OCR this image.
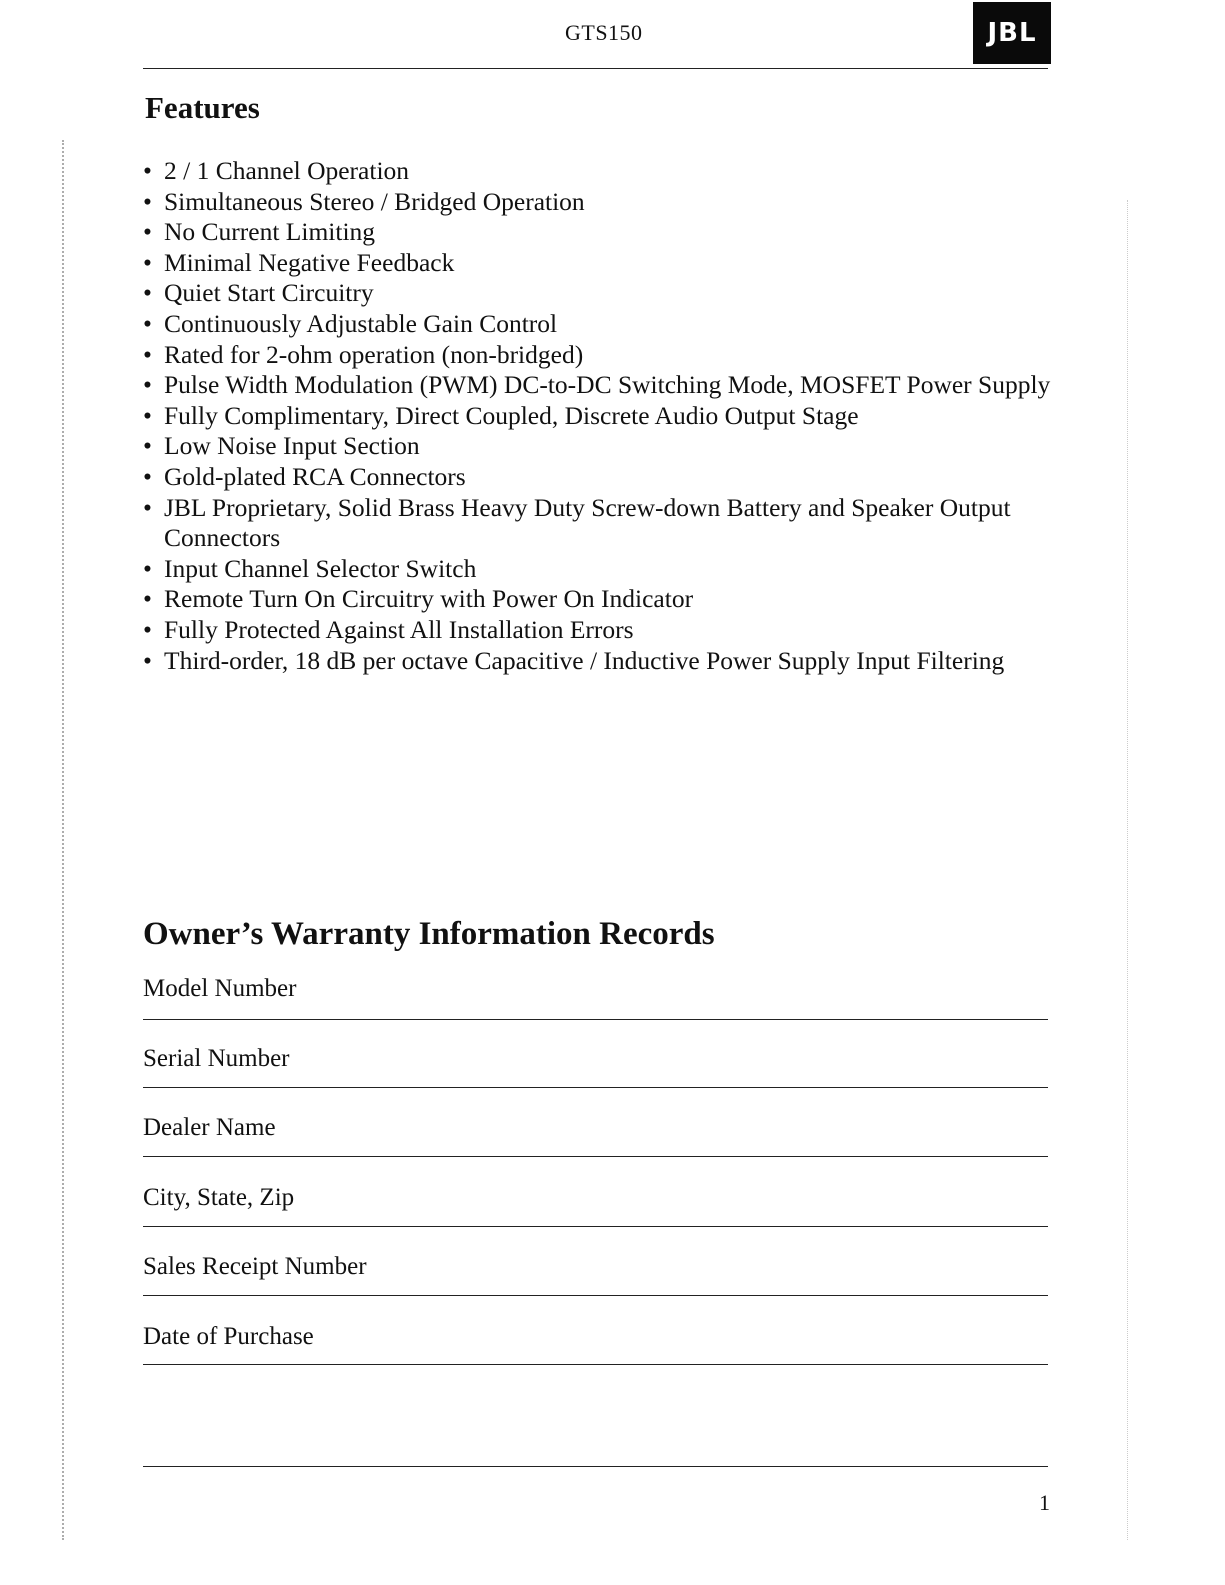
GTS150	JBL
Features
• 2 / 1 Channel Operation
• Simultaneous Stereo / Bridged Operation
• No Current Limiting
• Minimal Negative Feedback
• Quiet Start Circuitry
• Continuously Adjustable Gain Control
• Rated for 2-ohm operation (non-bridged)
• Pulse Width Modulation (PWM) DC-to-DC Switching Mode, MOSFET Power Supply
• Fully Complimentary, Direct Coupled, Discrete Audio Output Stage
• Low Noise Input Section
• Gold-plated RCA Connectors
• JBL Proprietary, Solid Brass Heavy Duty Screw-down Battery and Speaker Output
Connectors
• Input Channel Selector Switch
• Remote Turn On Circuitry with Power On Indicator
• Fully Protected Against All Installation Errors
• Third-order, 18 dB per octave Capacitive / Inductive Power Supply Input Filtering
Owner’s Warranty Information Records
Model Number
Serial Number
Dealer Name
City, State, Zip
Sales Receipt Number
Date of Purchase
1
